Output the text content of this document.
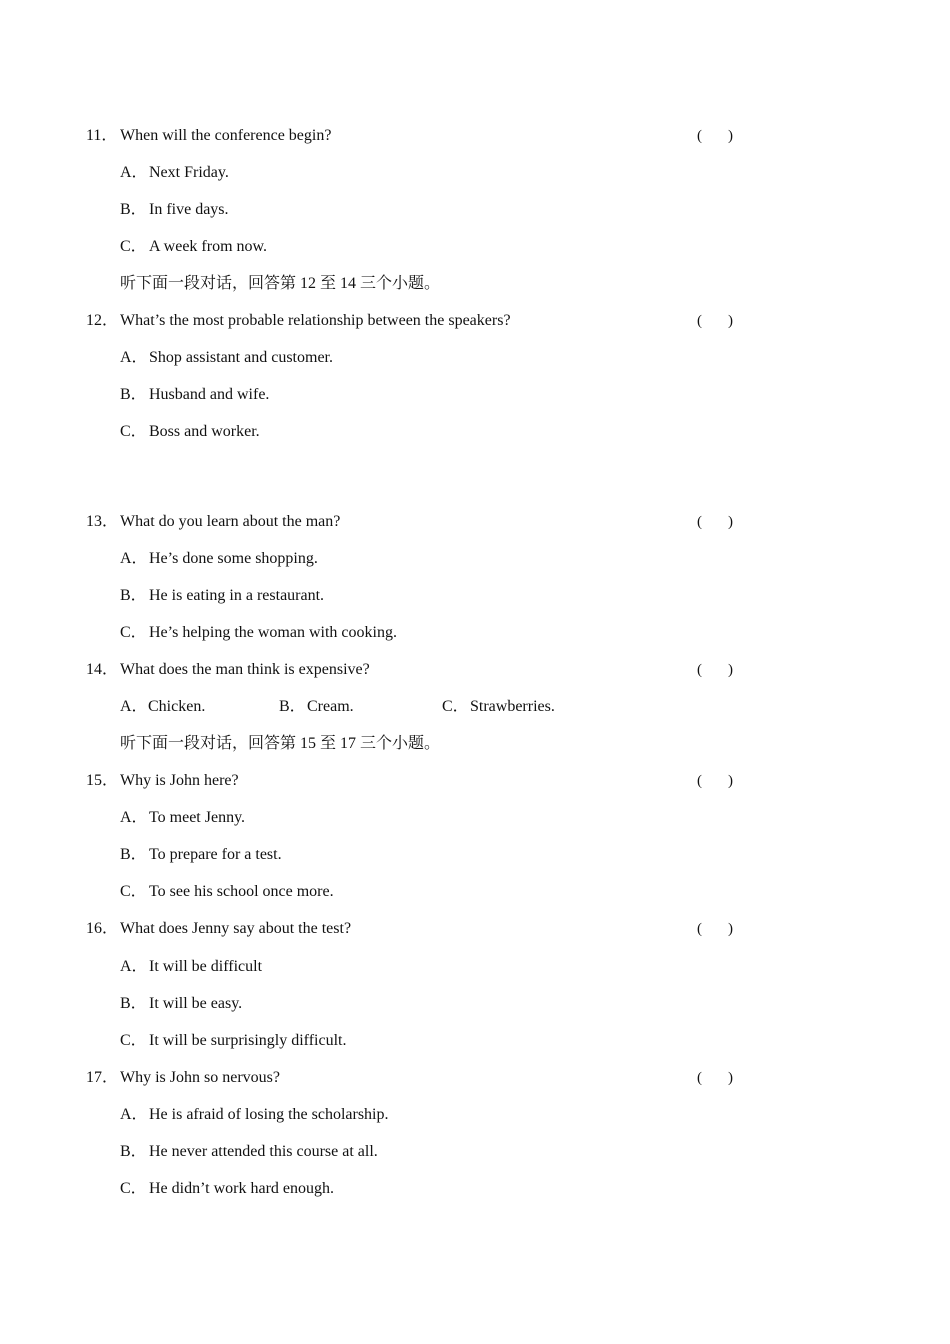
11． When will the conference begin?	( )
A．Next Friday.
B． In five days.
C． A week from now.
听下面一段对话，回答第 12 至 14 三个小题。
12． What’s the most probable relationship between the speakers?	( )
A．Shop assistant and customer.
B． Husband and wife.
C． Boss and worker.
13． What do you learn about the man?	( )
A．He’s done some shopping.
B． He is eating in a restaurant.
C． He’s helping the woman with cooking.
14． What does the man think is expensive?	( )
A．Chicken.	B．Cream.	C．Strawberries.
听下面一段对话，回答第 15 至 17 三个小题。
15． Why is John here?	( )
A．To meet Jenny.
B． To prepare for a test.
C． To see his school once more.
16． What does Jenny say about the test?	( )
A．It will be difficult
B． It will be easy.
C． It will be surprisingly difficult.
17． Why is John so nervous?	( )
A．He is afraid of losing the scholarship.
B． He never attended this course at all.
C． He didn’t work hard enough.
